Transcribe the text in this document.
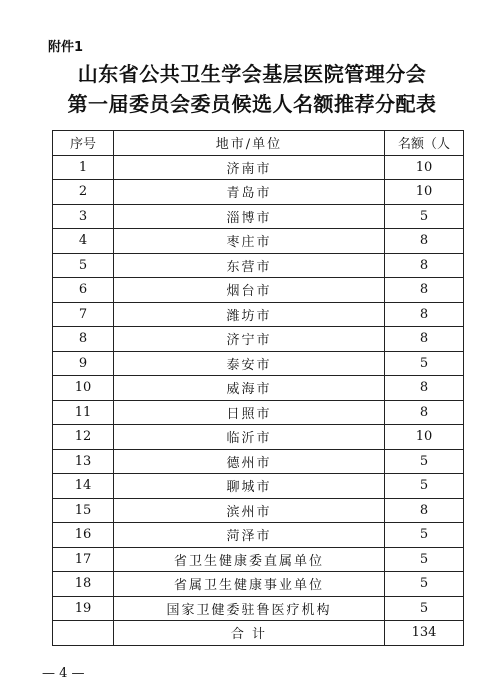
附件1
山东省公共卫生学会基层医院管理分会
第一届委员会委员候选人名额推荐分配表
序号	地市/单位	名额（人
1	济南市	10
2	青岛市	10
3	淄博市	5
4	枣庄市	8
5	东营市	8
6	烟台市	8
7	潍坊市	8
8	济宁市	8
9	泰安市	5
10	威海市	8
11	日照市	8
12	临沂市	10
13	德州市	5
14	聊城市	5
15	滨州市	8
16	菏泽市	5
17	省卫生健康委直属单位	5
18	省属卫生健康事业单位	5
19	国家卫健委驻鲁医疗机构	5
	合 计	134
— 4 —
